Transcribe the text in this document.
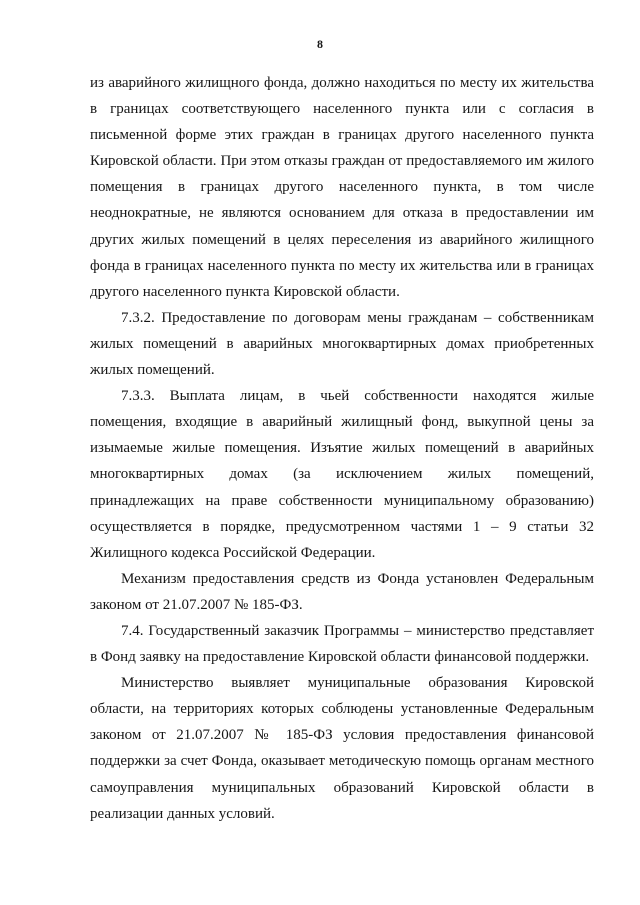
8

из аварийного жилищного фонда, должно находиться по месту их жительства в границах соответствующего населенного пункта или с согласия в письменной форме этих граждан в границах другого населенного пункта Кировской области. При этом отказы граждан от предоставляемого им жилого помещения в границах другого населенного пункта, в том числе неоднократные, не являются основанием для отказа в предоставлении им других жилых помещений в целях переселения из аварийного жилищного фонда в границах населенного пункта по месту их жительства или в границах другого населенного пункта Кировской области.

7.3.2. Предоставление по договорам мены гражданам – собственникам жилых помещений в аварийных многоквартирных домах приобретенных жилых помещений.

7.3.3. Выплата лицам, в чьей собственности находятся жилые помещения, входящие в аварийный жилищный фонд, выкупной цены за изымаемые жилые помещения. Изъятие жилых помещений в аварийных многоквартирных домах (за исключением жилых помещений, принадлежащих на праве собственности муниципальному образованию) осуществляется в порядке, предусмотренном частями 1 – 9 статьи 32 Жилищного кодекса Российской Федерации.

Механизм предоставления средств из Фонда установлен Федеральным законом от 21.07.2007 № 185-ФЗ.

7.4. Государственный заказчик Программы – министерство представляет в Фонд заявку на предоставление Кировской области финансовой поддержки.

Министерство выявляет муниципальные образования Кировской области, на территориях которых соблюдены установленные Федеральным законом от 21.07.2007 № 185-ФЗ условия предоставления финансовой поддержки за счет Фонда, оказывает методическую помощь органам местного самоуправления муниципальных образований Кировской области в реализации данных условий.
